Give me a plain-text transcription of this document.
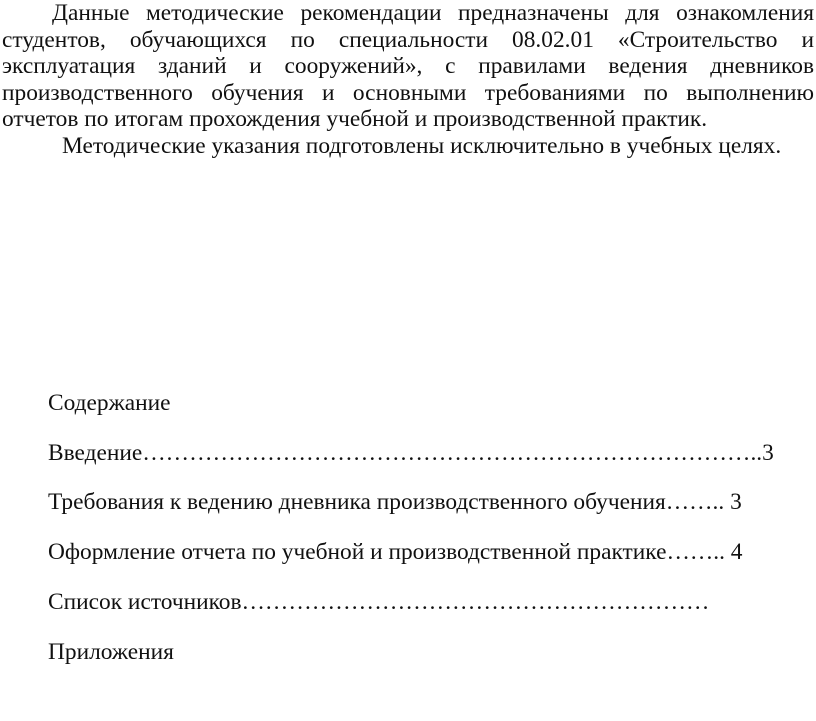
Данные методические рекомендации предназначены для ознакомления
студентов, обучающихся по специальности 08.02.01 «Строительство и
эксплуатация зданий и сооружений», с правилами ведения дневников
производственного обучения и основными требованиями по выполнению
отчетов по итогам прохождения учебной и производственной практик.
Методические указания подготовлены исключительно в учебных целях.
Содержание
Введение……………………………………………………………………..3
Требования к ведению дневника производственного обучения…….. 3
Оформление отчета по учебной и производственной практике…….. 4
Список источников……………………………………………………
Приложения
